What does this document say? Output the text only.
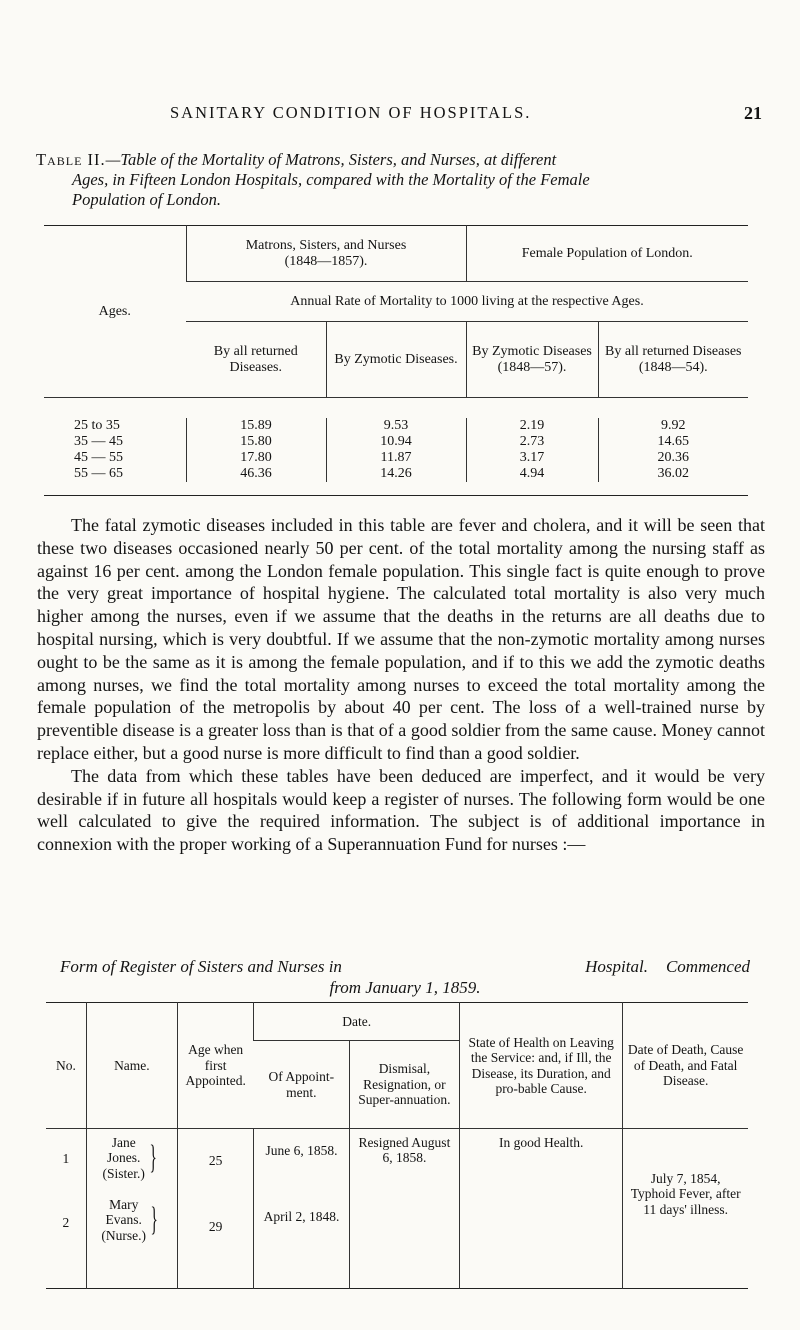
SANITARY CONDITION OF HOSPITALS.	21
Table II.—Table of the Mortality of Matrons, Sisters, and Nurses, at different
Ages, in Fifteen London Hospitals, compared with the Mortality of the Female
Population of London.
Ages.	Matrons, Sisters, and Nurses
(1848—1857).		Female Population of London.	
	Annual Rate of Mortality to 1000 living at the respective Ages.			
	By all returned Diseases.	By Zymotic Diseases.	By Zymotic Diseases (1848—57).	By all returned Diseases (1848—54).

25 to 35	15.89	9.53	2.19	9.92
35 — 45	15.80	10.94	2.73	14.65
45 — 55	17.80	11.87	3.17	20.36
55 — 65	46.36	14.26	4.94	36.02

The fatal zymotic diseases included in this table are fever and cholera, and it will be seen that these two diseases occasioned nearly 50 per cent. of the total mortality among the nursing staff as against 16 per cent. among the London female population. This single fact is quite enough to prove the very great importance of hospital hygiene. The calculated total mortality is also very much higher among the nurses, even if we assume that the deaths in the returns are all deaths due to hospital nursing, which is very doubtful. If we assume that the non-zymotic mortality among nurses ought to be the same as it is among the female population, and if to this we add the zymotic deaths among nurses, we find the total mortality among nurses to exceed the total mortality among the female population of the metropolis by about 40 per cent. The loss of a well-trained nurse by preventible disease is a greater loss than is that of a good soldier from the same cause. Money cannot replace either, but a good nurse is more difficult to find than a good soldier.

The data from which these tables have been deduced are imperfect, and it would be very desirable if in future all hospitals would keep a register of nurses. The following form would be one well calculated to give the required information. The subject is of additional importance in connexion with the proper working of a Superannuation Fund for nurses :—

Form of Register of Sisters and Nurses in	Hospital. Commenced
from January 1, 1859.
No.	Name.	Age when first Appointed.	Date.		State of Health on Leaving the Service: and, if Ill, the Disease, its Duration, and pro-bable Cause.	Date of Death, Cause of Death, and Fatal Disease.
			Of Appoint-ment.	Dismisal, Resignation, or Super-annuation.		

1	Jane
Jones.
(Sister.) }	25	June 6, 1858.	Resigned August 6, 1858.	In good Health.	
2	Mary
Evans.
(Nurse.) }	29	April 2, 1848.			July 7, 1854, Typhoid Fever, after 11 days' illness.
